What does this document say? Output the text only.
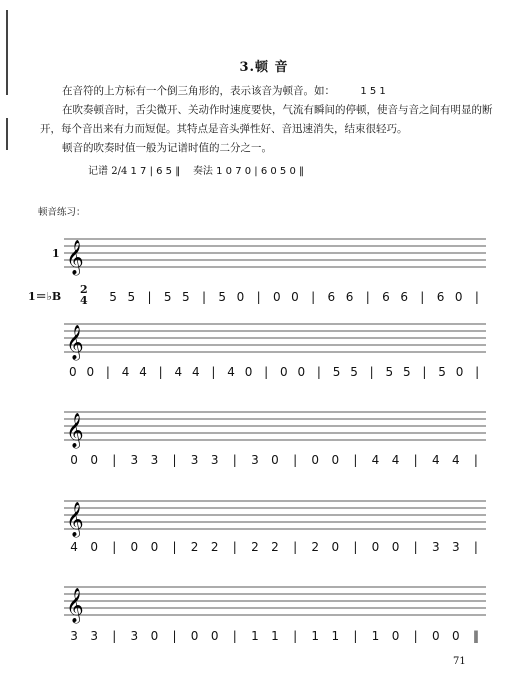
3.顿 音

在音符的上方标有一个倒三角形的，表示该音为顿音。如：	1 5 1

在吹奏顿音时，舌尖微开、关动作时速度要快，气流有瞬间的停顿，使音与音之间有明显的断开，每个音出来有力而短促。其特点是音头弹性好、音迅速消失，结束很轻巧。

顿音的吹奏时值一般为记谱时值的二分之一。

记谱 2/4 1 7 | 6 5 ‖ 奏法 1 0 7 0 | 6 0 5 0 ‖
顿音练习：
1
1＝♭B
2
4
𝄞
𝄞
𝄞
𝄞
𝄞
5 5 | 5 5 | 5 0 | 0 0 | 6 6 | 6 6 | 6 0 |
0 0 | 4 4 | 4 4 | 4 0 | 0 0 | 5 5 | 5 5 | 5 0 |
0 0 | 3 3 | 3 3 | 3 0 | 0 0 | 4 4 | 4 4 |
4 0 | 0 0 | 2 2 | 2 2 | 2 0 | 0 0 | 3 3 |
3 3 | 3 0 | 0 0 | 1 1 | 1 1 | 1 0 | 0 0 ‖
71
